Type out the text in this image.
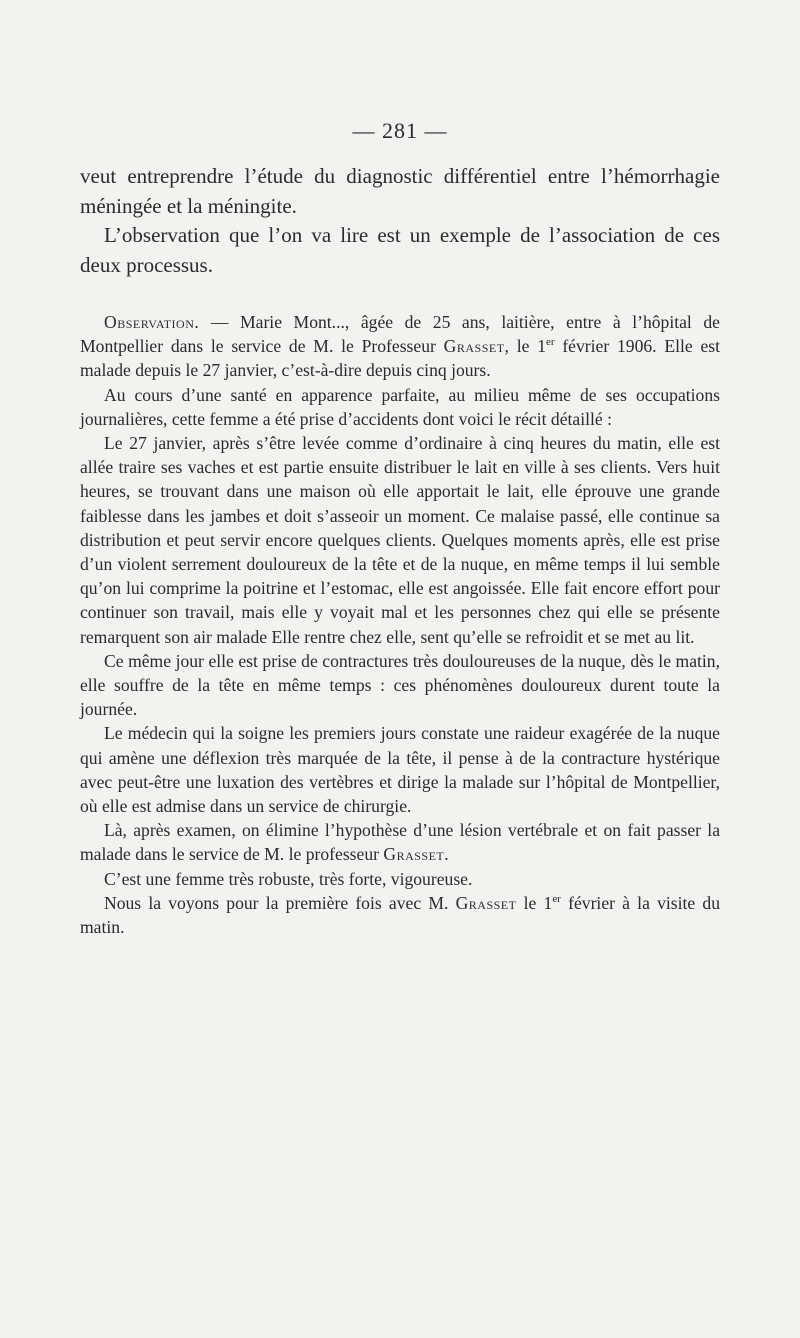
— 281 —

veut entreprendre l’étude du diagnostic différentiel entre l’hémorrhagie méningée et la méningite.

L’observation que l’on va lire est un exemple de l’association de ces deux processus.

Observation. — Marie Mont..., âgée de 25 ans, laitière, entre à l’hôpital de Montpellier dans le service de M. le Professeur Grasset, le 1er février 1906. Elle est malade depuis le 27 janvier, c’est-à-dire depuis cinq jours.

Au cours d’une santé en apparence parfaite, au milieu même de ses occupations journalières, cette femme a été prise d’accidents dont voici le récit détaillé :

Le 27 janvier, après s’être levée comme d’ordinaire à cinq heures du matin, elle est allée traire ses vaches et est partie ensuite distribuer le lait en ville à ses clients. Vers huit heures, se trouvant dans une maison où elle apportait le lait, elle éprouve une grande faiblesse dans les jambes et doit s’asseoir un moment. Ce malaise passé, elle continue sa distribution et peut servir encore quelques clients. Quelques moments après, elle est prise d’un violent serrement douloureux de la tête et de la nuque, en même temps il lui semble qu’on lui comprime la poitrine et l’estomac, elle est angoissée. Elle fait encore effort pour continuer son travail, mais elle y voyait mal et les personnes chez qui elle se présente remarquent son air malade Elle rentre chez elle, sent qu’elle se refroidit et se met au lit.

Ce même jour elle est prise de contractures très douloureuses de la nuque, dès le matin, elle souffre de la tête en même temps : ces phénomènes douloureux durent toute la journée.

Le médecin qui la soigne les premiers jours constate une raideur exagérée de la nuque qui amène une déflexion très marquée de la tête, il pense à de la contracture hystérique avec peut-être une luxation des vertèbres et dirige la malade sur l’hôpital de Montpellier, où elle est admise dans un service de chirurgie.

Là, après examen, on élimine l’hypothèse d’une lésion vertébrale et on fait passer la malade dans le service de M. le professeur Grasset.

C’est une femme très robuste, très forte, vigoureuse.

Nous la voyons pour la première fois avec M. Grasset le 1er février à la visite du matin.
